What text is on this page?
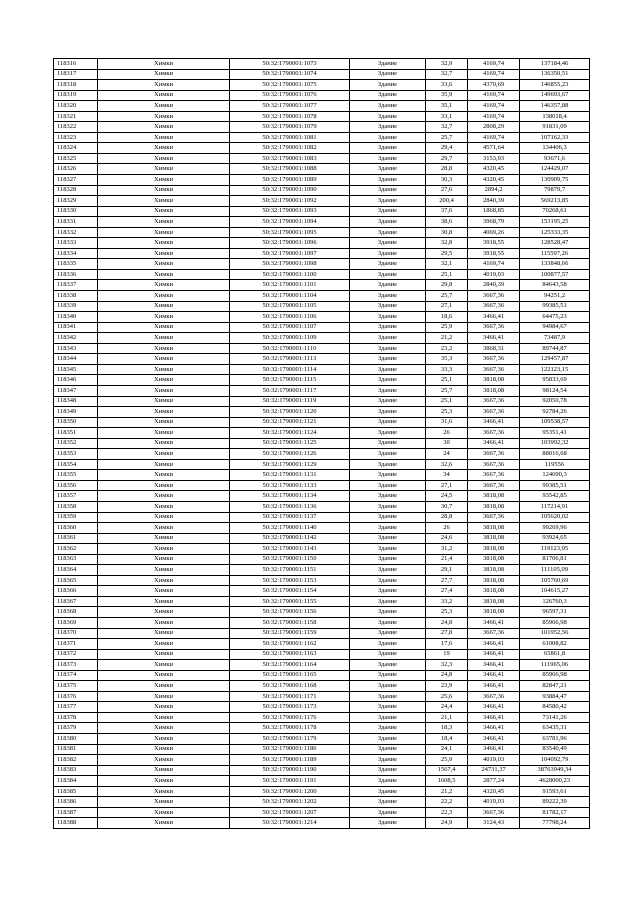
118316	Химки	50:32:1790001:1073	Здание	32,9	4169,74	137184,46
118317	Химки	50:32:1790001:1074	Здание	32,7	4169,74	136350,51
118318	Химки	50:32:1790001:1075	Здание	33,6	4370,69	146855,23
118319	Химки	50:32:1790001:1076	Здание	35,9	4169,74	149693,67
118320	Химки	50:32:1790001:1077	Здание	35,1	4169,74	146357,88
118321	Химки	50:32:1790001:1078	Здание	33,1	4169,74	138018,4
118322	Химки	50:32:1790001:1079	Здание	32,7	2808,29	91831,09
118323	Химки	50:32:1790001:1081	Здание	25,7	4169,74	107162,33
118324	Химки	50:32:1790001:1082	Здание	29,4	4571,64	134406,3
118325	Химки	50:32:1790001:1083	Здание	29,7	3153,93	93671,6
118326	Химки	50:32:1790001:1088	Здание	28,8	4320,45	124429,07
118327	Химки	50:32:1790001:1089	Здание	30,3	4320,45	130909,75
118328	Химки	50:32:1790001:1090	Здание	27,6	2894,2	79879,7
118329	Химки	50:32:1790001:1092	Здание	200,4	2840,39	569213,85
118330	Химки	50:32:1790001:1093	Здание	37,6	1868,85	70268,61
118331	Химки	50:32:1790001:1094	Здание	38,6	3968,79	153195,25
118332	Химки	50:32:1790001:1095	Здание	30,8	4069,26	125333,35
118333	Химки	50:32:1790001:1096	Здание	32,8	3918,55	128528,47
118334	Химки	50:32:1790001:1097	Здание	29,5	3918,55	115597,26
118335	Химки	50:32:1790001:1098	Здание	32,1	4169,74	133848,66
118336	Химки	50:32:1790001:1100	Здание	25,1	4019,03	100877,57
118337	Химки	50:32:1790001:1101	Здание	29,8	2840,39	84643,58
118338	Химки	50:32:1790001:1104	Здание	25,7	3667,36	94251,2
118339	Химки	50:32:1790001:1105	Здание	27,1	3667,36	99385,51
118340	Химки	50:32:1790001:1106	Здание	18,6	3466,41	64475,23
118341	Химки	50:32:1790001:1107	Здание	25,9	3667,36	94984,67
118342	Химки	50:32:1790001:1109	Здание	21,2	3466,41	73487,9
118343	Химки	50:32:1790001:1110	Здание	23,2	3868,31	89744,87
118344	Химки	50:32:1790001:1113	Здание	35,3	3667,36	129457,87
118345	Химки	50:32:1790001:1114	Здание	33,3	3667,36	122123,15
118346	Химки	50:32:1790001:1115	Здание	25,1	3818,08	95833,69
118347	Химки	50:32:1790001:1117	Здание	25,7	3818,08	98124,54
118348	Химки	50:32:1790001:1119	Здание	25,1	3667,36	92050,78
118349	Химки	50:32:1790001:1120	Здание	25,3	3667,36	92784,26
118350	Химки	50:32:1790001:1121	Здание	31,6	3466,41	109538,57
118351	Химки	50:32:1790001:1124	Здание	26	3667,36	95351,41
118352	Химки	50:32:1790001:1125	Здание	30	3466,41	103992,32
118353	Химки	50:32:1790001:1126	Здание	24	3667,36	88016,68
118354	Химки	50:32:1790001:1129	Здание	32,6	3667,36	119556
118355	Химки	50:32:1790001:1131	Здание	34	3667,36	124690,3
118356	Химки	50:32:1790001:1133	Здание	27,1	3667,36	99385,51
118357	Химки	50:32:1790001:1134	Здание	24,5	3818,08	93542,85
118358	Химки	50:32:1790001:1136	Здание	30,7	3818,08	117214,91
118359	Химки	50:32:1790001:1137	Здание	28,8	3667,36	105620,02
118360	Химки	50:32:1790001:1140	Здание	26	3818,08	99269,96
118361	Химки	50:32:1790001:1142	Здание	24,6	3818,08	93924,65
118362	Химки	50:32:1790001:1143	Здание	31,2	3818,08	119123,95
118363	Химки	50:32:1790001:1150	Здание	21,4	3818,08	81706,81
118364	Химки	50:32:1790001:1151	Здание	29,1	3818,08	111105,09
118365	Химки	50:32:1790001:1153	Здание	27,7	3818,08	105760,69
118366	Химки	50:32:1790001:1154	Здание	27,4	3818,08	104615,27
118367	Химки	50:32:1790001:1155	Здание	33,2	3818,08	126760,3
118368	Химки	50:32:1790001:1156	Здание	25,3	3818,08	96597,31
118369	Химки	50:32:1790001:1158	Здание	24,8	3466,41	85966,98
118370	Химки	50:32:1790001:1159	Здание	27,8	3667,36	101952,56
118371	Химки	50:32:1790001:1162	Здание	17,6	3466,41	61008,82
118372	Химки	50:32:1790001:1163	Здание	19	3466,41	65861,8
118373	Химки	50:32:1790001:1164	Здание	32,3	3466,41	111965,06
118374	Химки	50:32:1790001:1165	Здание	24,8	3466,41	85966,98
118375	Химки	50:32:1790001:1168	Здание	23,9	3466,41	82847,21
118376	Химки	50:32:1790001:1171	Здание	25,6	3667,36	93884,47
118377	Химки	50:32:1790001:1173	Здание	24,4	3466,41	84580,42
118378	Химки	50:32:1790001:1176	Здание	21,1	3466,41	73141,26
118379	Химки	50:32:1790001:1178	Здание	18,3	3466,41	63435,31
118380	Химки	50:32:1790001:1179	Здание	18,4	3466,41	63781,96
118381	Химки	50:32:1790001:1186	Здание	24,1	3466,41	83540,49
118382	Химки	50:32:1790001:1189	Здание	25,9	4019,03	104092,79
118383	Химки	50:32:1790001:1190	Здание	1567,4	24731,37	38763949,34
118384	Химки	50:32:1790001:1191	Здание	1608,5	2877,24	4628000,23
118385	Химки	50:32:1790001:1200	Здание	21,2	4320,45	91593,61
118386	Химки	50:32:1790001:1202	Здание	22,2	4019,03	89222,39
118387	Химки	50:32:1790001:1207	Здание	22,3	3667,36	81782,17
118388	Химки	50:32:1790001:1214	Здание	24,9	3124,43	77798,24
